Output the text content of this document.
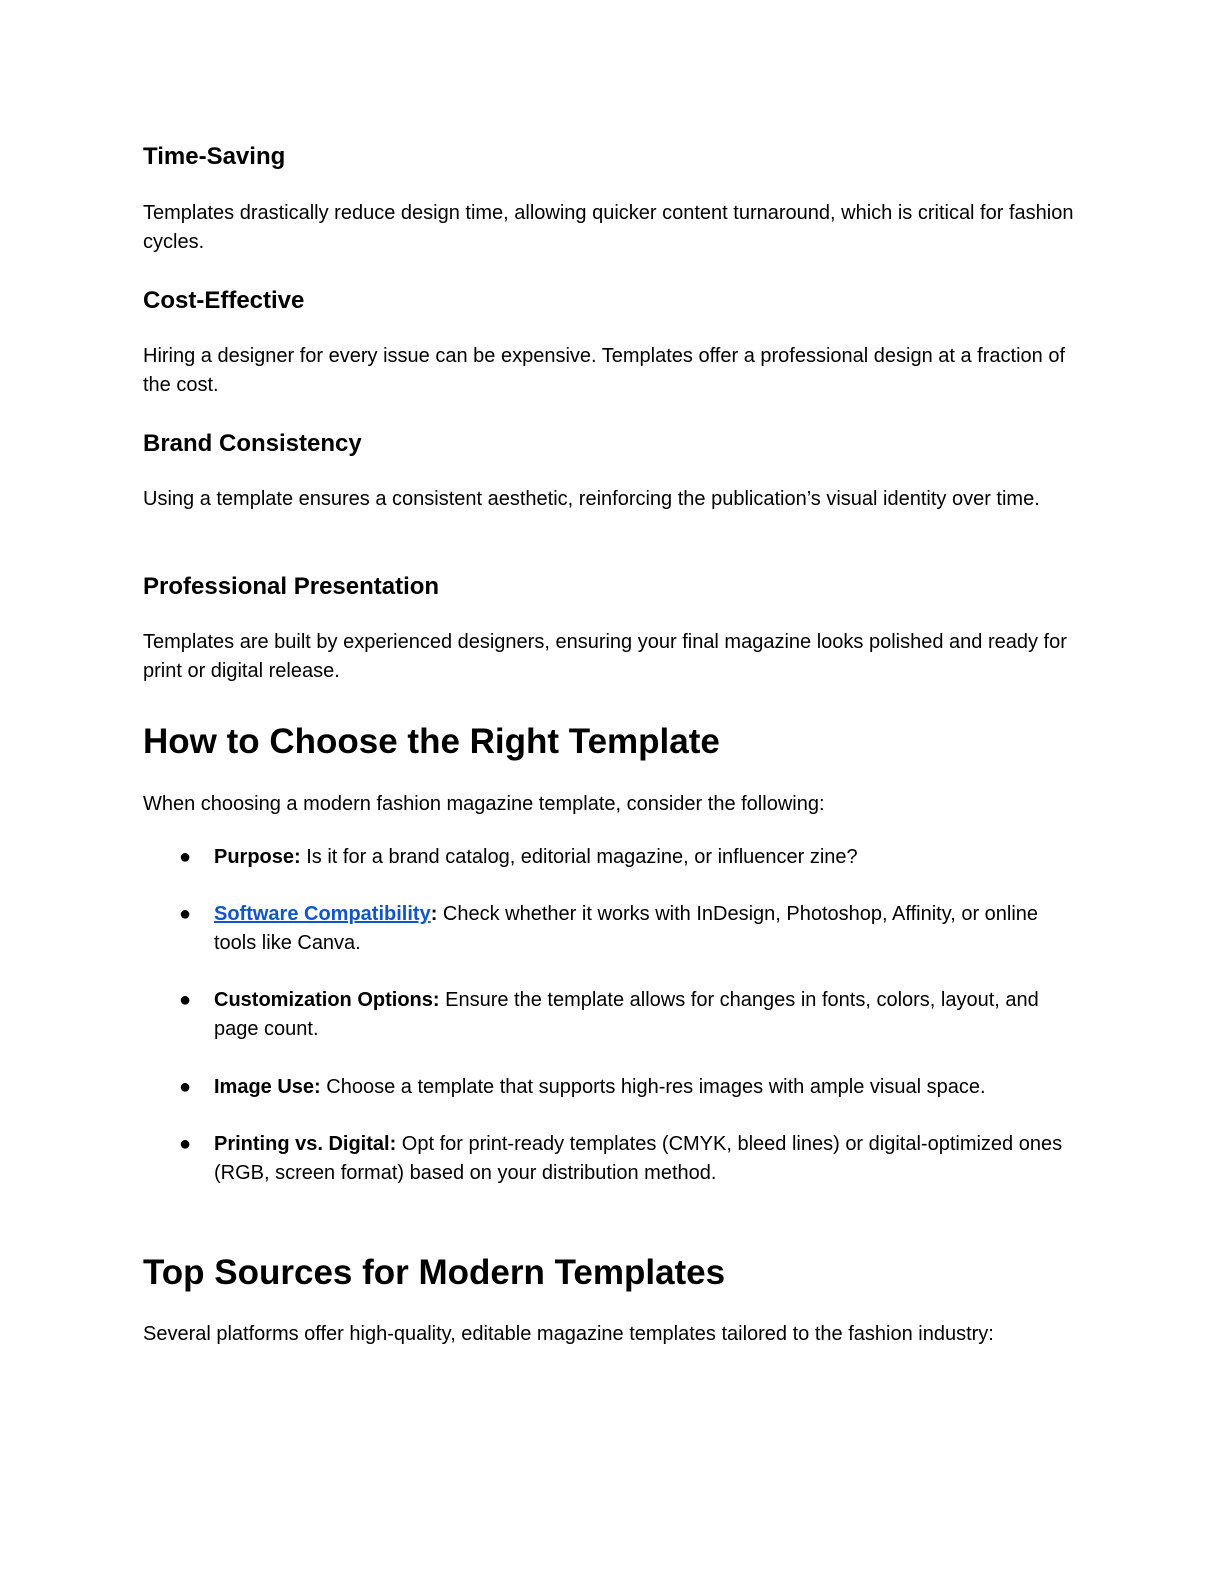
Time-Saving

Templates drastically reduce design time, allowing quicker content turnaround, which is critical for fashion cycles.

Cost-Effective

Hiring a designer for every issue can be expensive. Templates offer a professional design at a fraction of the cost.

Brand Consistency

Using a template ensures a consistent aesthetic, reinforcing the publication’s visual identity over time.

Professional Presentation

Templates are built by experienced designers, ensuring your final magazine looks polished and ready for print or digital release.

How to Choose the Right Template

When choosing a modern fashion magazine template, consider the following:

● Purpose: Is it for a brand catalog, editorial magazine, or influencer zine?

● Software Compatibility: Check whether it works with InDesign, Photoshop, Affinity, or online tools like Canva.

● Customization Options: Ensure the template allows for changes in fonts, colors, layout, and page count.

● Image Use: Choose a template that supports high-res images with ample visual space.

● Printing vs. Digital: Opt for print-ready templates (CMYK, bleed lines) or digital-optimized ones (RGB, screen format) based on your distribution method.

Top Sources for Modern Templates

Several platforms offer high-quality, editable magazine templates tailored to the fashion industry:
